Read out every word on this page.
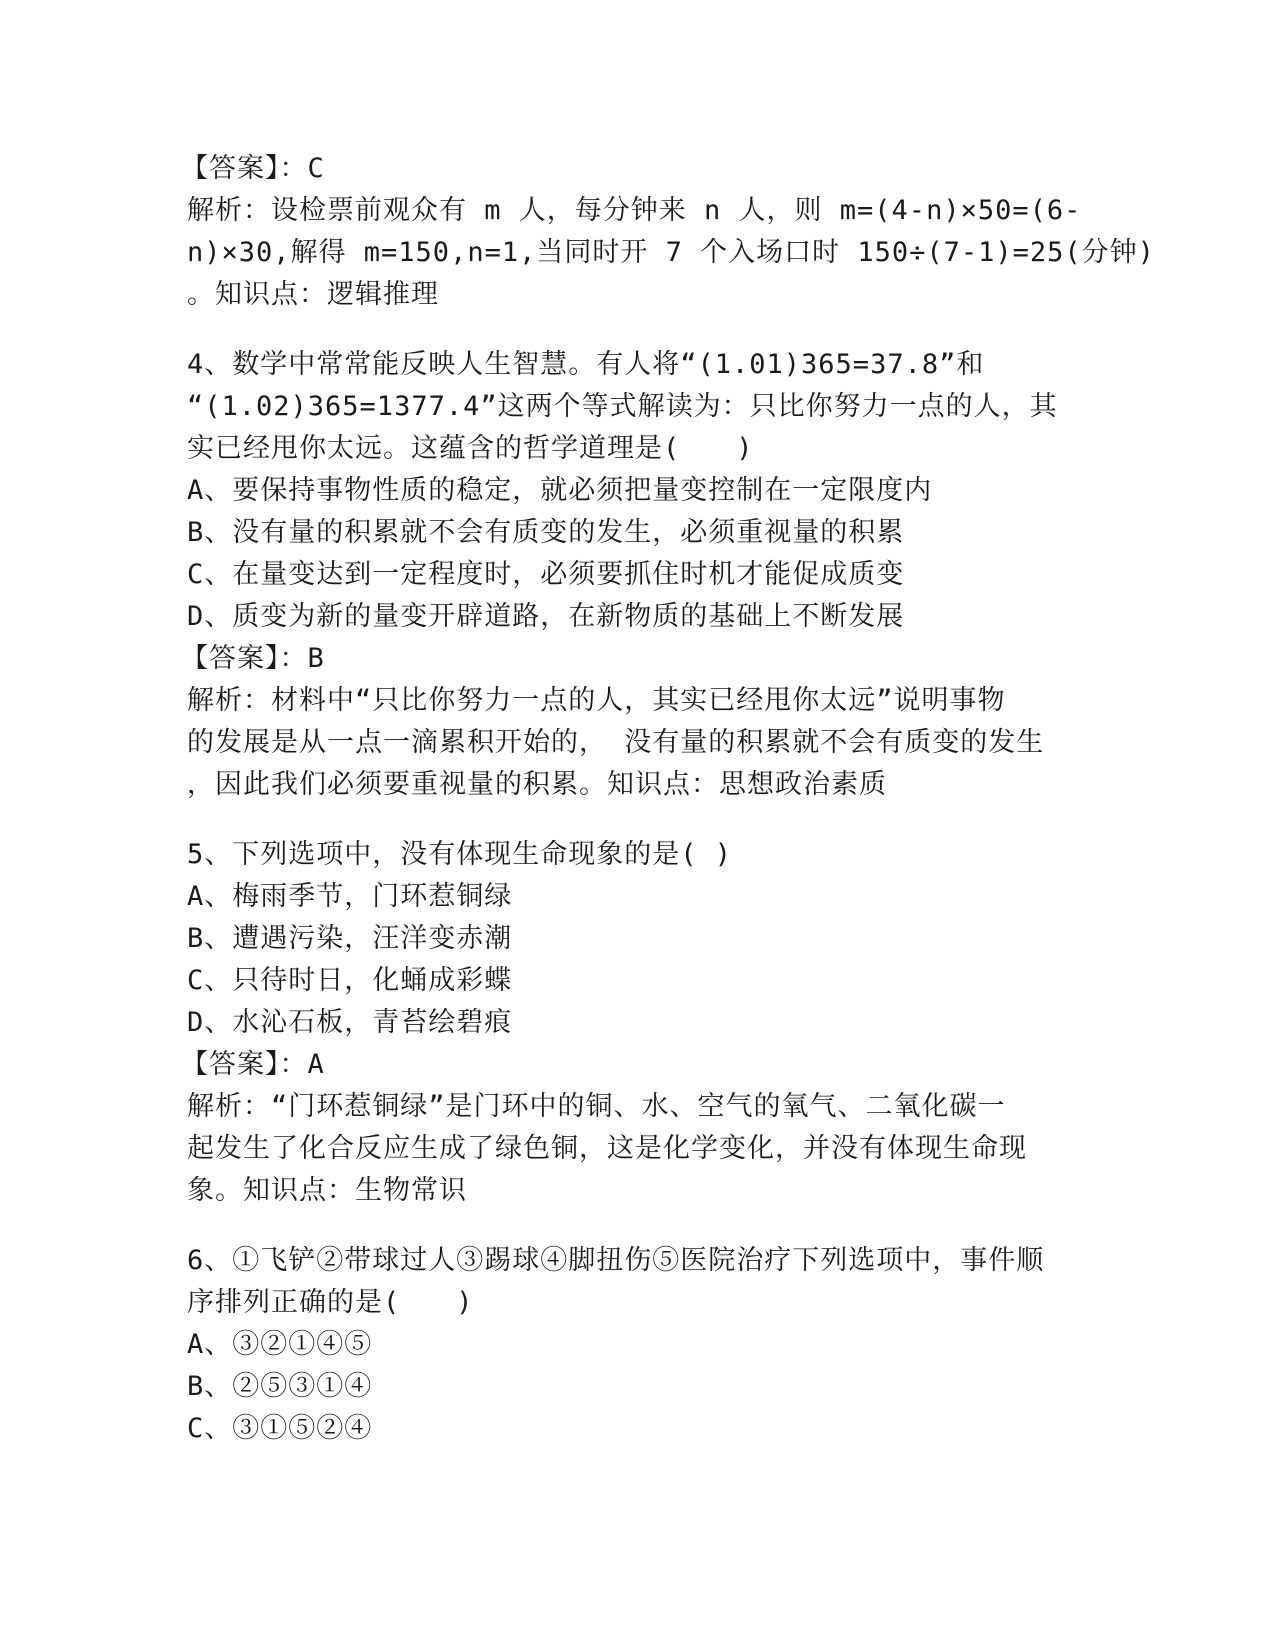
【答案】：C
解析：设检票前观众有 m 人，每分钟来 n 人，则 m=(4-n)×50=(6-
n)×30,解得 m=150,n=1,当同时开 7 个入场口时 150÷(7-1)=25(分钟)
。知识点：逻辑推理
4、数学中常常能反映人生智慧。有人将“(1.01)365=37.8”和
“(1.02)365=1377.4”这两个等式解读为：只比你努力一点的人，其
实已经甩你太远。这蕴含的哲学道理是(　　)
A、要保持事物性质的稳定，就必须把量变控制在一定限度内
B、没有量的积累就不会有质变的发生，必须重视量的积累
C、在量变达到一定程度时，必须要抓住时机才能促成质变
D、质变为新的量变开辟道路，在新物质的基础上不断发展
【答案】：B
解析：材料中“只比你努力一点的人，其实已经甩你太远”说明事物
的发展是从一点一滴累积开始的， 没有量的积累就不会有质变的发生
，因此我们必须要重视量的积累。知识点：思想政治素质
5、下列选项中，没有体现生命现象的是( )
A、梅雨季节，门环惹铜绿
B、遭遇污染，汪洋变赤潮
C、只待时日，化蛹成彩蝶
D、水沁石板，青苔绘碧痕
【答案】：A
解析：“门环惹铜绿”是门环中的铜、水、空气的氧气、二氧化碳一
起发生了化合反应生成了绿色铜，这是化学变化，并没有体现生命现
象。知识点：生物常识
6、①飞铲②带球过人③踢球④脚扭伤⑤医院治疗下列选项中，事件顺
序排列正确的是(　　)
A、③②①④⑤
B、②⑤③①④
C、③①⑤②④
